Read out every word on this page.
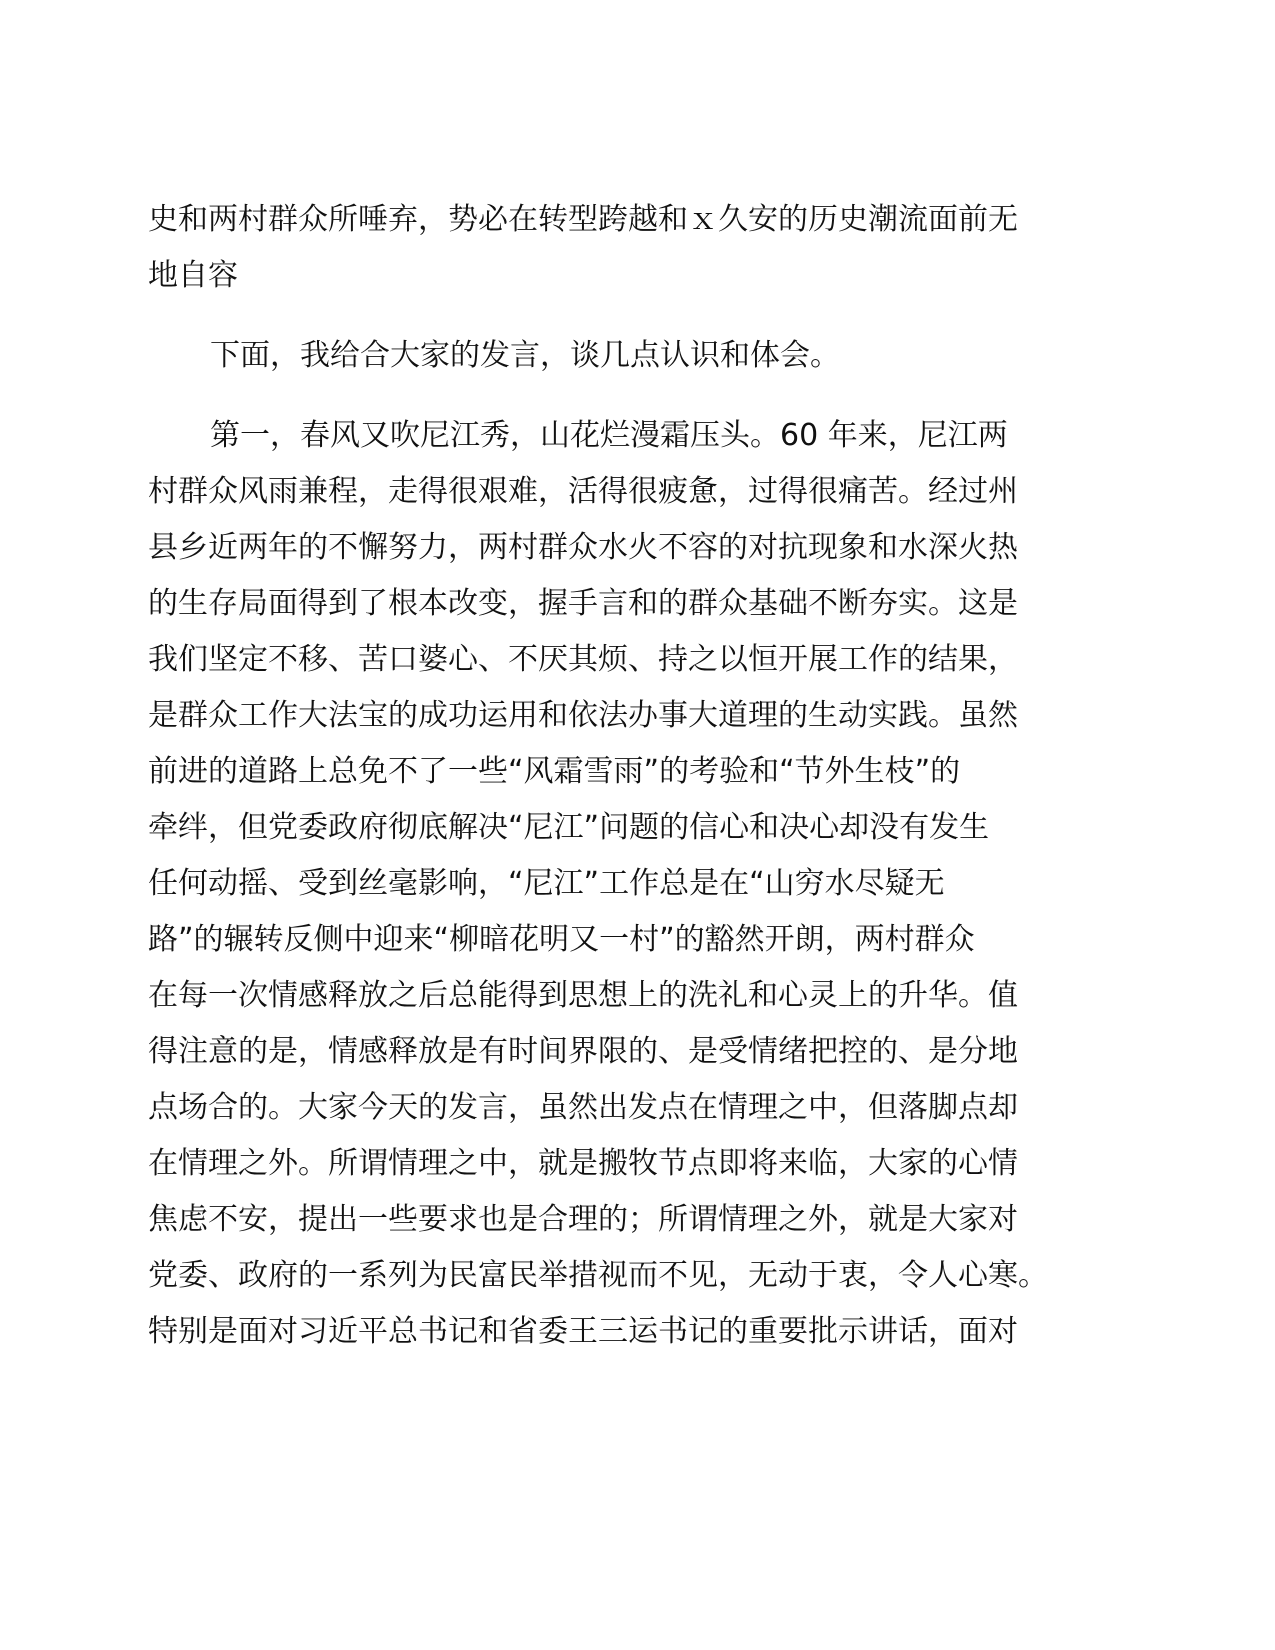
史和两村群众所唾弃，势必在转型跨越和ｘ久安的历史潮流面前无
地自容
下面，我给合大家的发言，谈几点认识和体会。
第一，春风又吹尼江秀，山花烂漫霜压头。60 年来，尼江两
村群众风雨兼程，走得很艰难，活得很疲惫，过得很痛苦。经过州
县乡近两年的不懈努力，两村群众水火不容的对抗现象和水深火热
的生存局面得到了根本改变，握手言和的群众基础不断夯实。这是
我们坚定不移、苦口婆心、不厌其烦、持之以恒开展工作的结果，
是群众工作大法宝的成功运用和依法办事大道理的生动实践。虽然
前进的道路上总免不了一些“风霜雪雨”的考验和“节外生枝”的
牵绊，但党委政府彻底解决“尼江”问题的信心和决心却没有发生
任何动摇、受到丝毫影响，“尼江”工作总是在“山穷水尽疑无
路”的辗转反侧中迎来“柳暗花明又一村”的豁然开朗，两村群众
在每一次情感释放之后总能得到思想上的洗礼和心灵上的升华。值
得注意的是，情感释放是有时间界限的、是受情绪把控的、是分地
点场合的。大家今天的发言，虽然出发点在情理之中，但落脚点却
在情理之外。所谓情理之中，就是搬牧节点即将来临，大家的心情
焦虑不安，提出一些要求也是合理的；所谓情理之外，就是大家对
党委、政府的一系列为民富民举措视而不见，无动于衷，令人心寒。
特别是面对习近平总书记和省委王三运书记的重要批示讲话，面对
